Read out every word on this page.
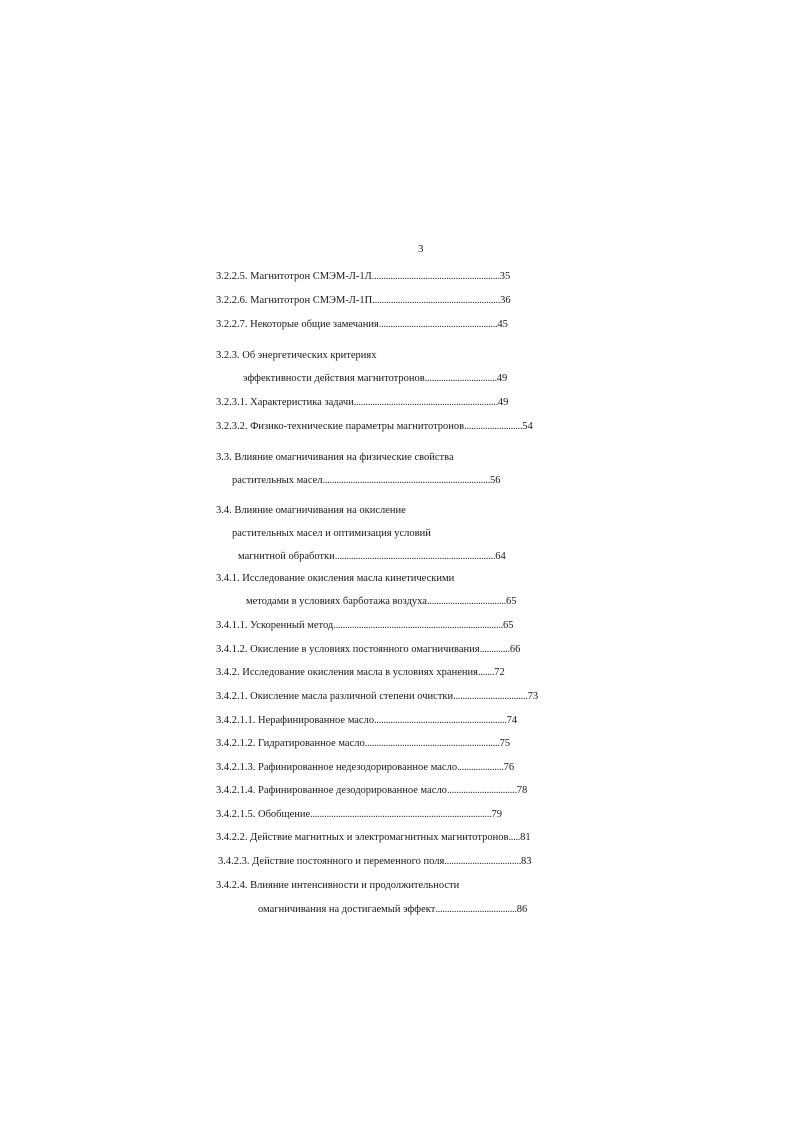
3
3.2.2.5. Магнитотрон СМЭМ-Л-1Л.......................................................35
3.2.2.6. Магнитотрон СМЭМ-Л-1П.......................................................36
3.2.2.7. Некоторые общие замечания...................................................45
3.2.3. Об энергетических критериях
эффективности действия магнитотронов...............................49
3.2.3.1. Характеристика задачи..............................................................49
3.2.3.2. Физико-технические параметры магнитотронов.........................54
3.3. Влияние омагничивания на физические свойства
растительных масел........................................................................56
3.4. Влияние омагничивания на окисление
растительных масел и оптимизация условий
магнитной обработки.....................................................................64
3.4.1. Исследование окисления масла кинетическими
методами в условиях барботажа воздуха..................................65
3.4.1.1. Ускоренный метод.........................................................................65
3.4.1.2. Окисление в условиях постоянного омагничивания.............66
3.4.2. Исследование окисления масла в условиях хранения.......72
3.4.2.1. Окисление масла различной степени очистки................................73
3.4.2.1.1. Нерафинированное масло.........................................................74
3.4.2.1.2. Гидратированное масло..........................................................75
3.4.2.1.3. Рафинированное недезодорированное масло....................76
3.4.2.1.4. Рафинированное дезодорированное масло..............................78
3.4.2.1.5. Обобщение..............................................................................79
3.4.2.2. Действие магнитных и электромагнитных магнитотронов.....81
3.4.2.3. Действие постоянного и переменного поля.................................83
3.4.2.4. Влияние интенсивности и продолжительности
омагничивания на достигаемый эффект...................................86
